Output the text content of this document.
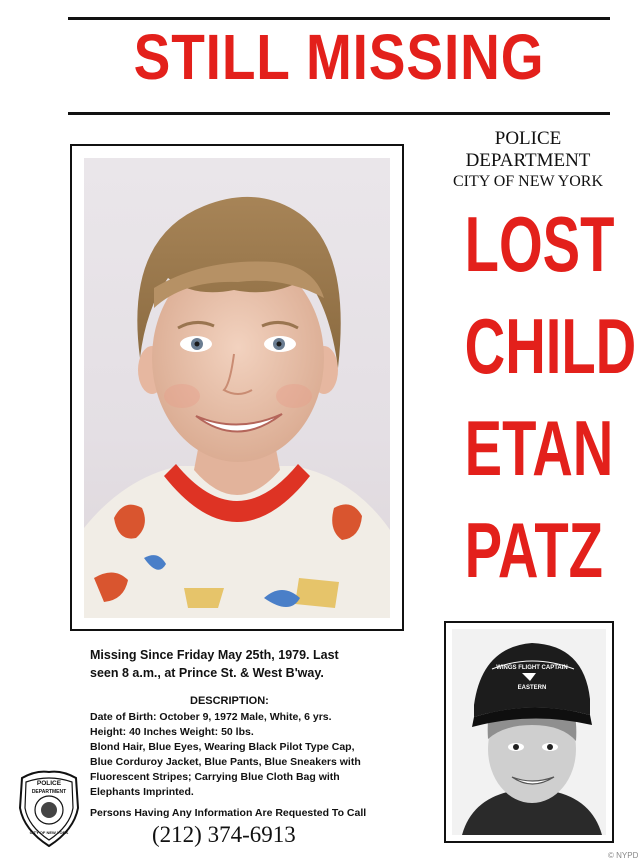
STILL MISSING
POLICE
DEPARTMENT
CITY OF NEW YORK
LOST
CHILD
ETAN
PATZ
Missing Since Friday May 25th, 1979. Last
seen 8 a.m., at Prince St. & West B'way.
DESCRIPTION:
Date of Birth: October 9, 1972 Male, White, 6 yrs.
Height: 40 Inches Weight: 50 lbs.
Blond Hair, Blue Eyes, Wearing Black Pilot Type Cap,
Blue Corduroy Jacket, Blue Pants, Blue Sneakers with
Fluorescent Stripes; Carrying Blue Cloth Bag with
Elephants Imprinted.
Persons Having Any Information Are Requested To Call
(212) 374-6913
POLICE
DEPARTMENT
CITY OF NEW YORK
WINGS FLIGHT CAPTAIN
EASTERN
© NYPD
